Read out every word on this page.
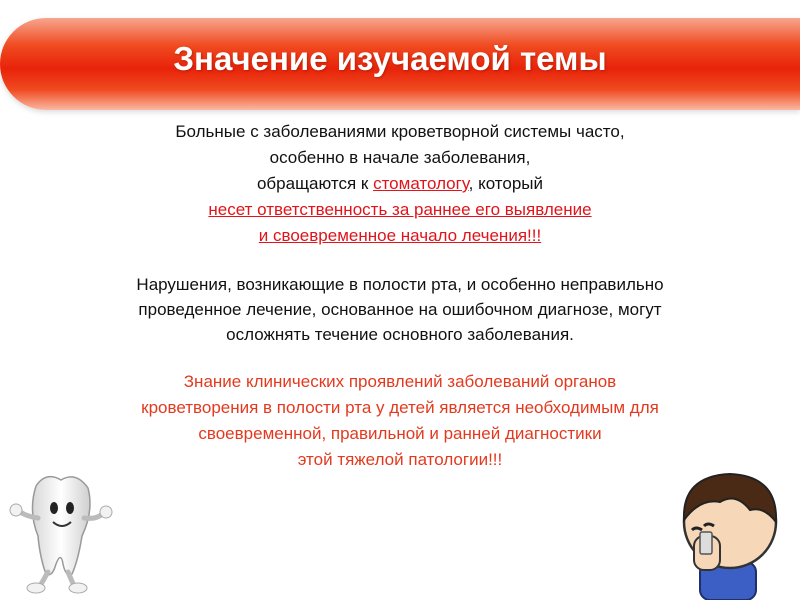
Значение изучаемой темы
Больные с заболеваниями кроветворной системы часто,
особенно в начале заболевания,
обращаются к стоматологу, который
несет ответственность за раннее его выявление
и своевременное начало лечения!!!
Нарушения, возникающие в полости рта, и особенно неправильно
проведенное лечение, основанное на ошибочном диагнозе, могут
осложнять течение основного заболевания.
Знание клинических проявлений заболеваний органов
кроветворения в полости рта у детей является необходимым для
своевременной, правильной и ранней диагностики
этой тяжелой патологии!!!
